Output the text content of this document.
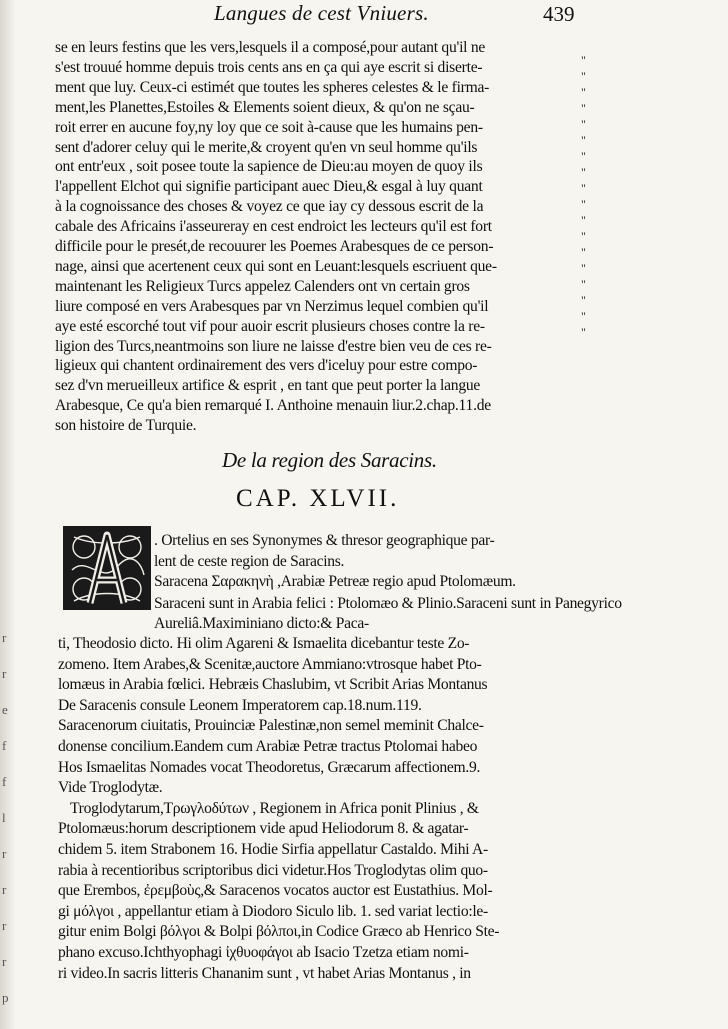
r
r
e
f
f
l
r
r
r
r
p
Langues de cest Vniuers.	439
se en leurs festins que les vers,lesquels il a composé,pour autant qu'il ne
s'est trouué homme depuis trois cents ans en ça qui aye escrit si diserte-
ment que luy. Ceux-ci estimét que toutes les spheres celestes & le firma-
ment,les Planettes,Estoiles & Elements soient dieux, & qu'on ne sçau-
roit errer en aucune foy,ny loy que ce soit à-cause que les humains pen-
sent d'adorer celuy qui le merite,& croyent qu'en vn seul homme qu'ils
ont entr'eux , soit posee toute la sapience de Dieu:au moyen de quoy ils
l'appellent Elchot qui signifie participant auec Dieu,& esgal à luy quant
à la cognoissance des choses & voyez ce que iay cy dessous escrit de la
cabale des Africains i'asseureray en cest endroict les lecteurs qu'il est fort
difficile pour le presét,de recouurer les Poemes Arabesques de ce person-
nage, ainsi que acertenent ceux qui sont en Leuant:lesquels escriuent que-
maintenant les Religieux Turcs appelez Calenders ont vn certain gros
liure composé en vers Arabesques par vn Nerzimus lequel combien qu'il
aye esté escorché tout vif pour auoir escrit plusieurs choses contre la re-
ligion des Turcs,neantmoins son liure ne laisse d'estre bien veu de ces re-
ligieux qui chantent ordinairement des vers d'iceluy pour estre compo-
sez d'vn merueilleux artifice & esprit , en tant que peut porter la langue
Arabesque, Ce qu'a bien remarqué I. Anthoine menauin liur.2.chap.11.de
son histoire de Turquie.
"
"
"
"
"
"
"
"
"
"
"
"
"
"
"
"
"
"
De la region des Saracins.
CAP. XLVII.
. Ortelius en ses Synonymes & thresor geographique par-
lent de ceste region de Saracins.
Saracena Σαρακηνὴ ,Arabiæ Petreæ regio apud Ptolomæum.
Saraceni sunt in Arabia felici : Ptolomæo & Plinio.Saraceni sunt in Panegyrico Aureliâ.Maximiniano dicto:& Paca-
ti, Theodosio dicto. Hi olim Agareni & Ismaelita dicebantur teste Zo-
zomeno. Item Arabes,& Scenitæ,auctore Ammiano:vtrosque habet Pto-
lomæus in Arabia fœlici. Hebræis Chaslubim, vt Scribit Arias Montanus
De Saracenis consule Leonem Imperatorem cap.18.num.119.
Saracenorum ciuitatis, Prouinciæ Palestinæ,non semel meminit Chalce-
donense concilium.Eandem cum Arabiæ Petræ tractus Ptolomai habeo
Hos Ismaelitas Nomades vocat Theodoretus, Græcarum affectionem.9.
Vide Troglodytæ.
Troglodytarum,Τρωγλοδύτων , Regionem in Africa ponit Plinius , &
Ptolomæus:horum descriptionem vide apud Heliodorum 8. & agatar-
chidem 5. item Strabonem 16. Hodie Sirfia appellatur Castaldo. Mihi A-
rabia à recentioribus scriptoribus dici videtur.Hos Troglodytas olim quo-
que Erembos, ἐρεμβοὺς,& Saracenos vocatos auctor est Eustathius. Mol-
gi μόλγοι , appellantur etiam à Diodoro Siculo lib. 1. sed variat lectio:le-
gitur enim Bolgi βόλγοι & Bolpi βόλποι,in Codice Græco ab Henrico Ste-
phano excuso.Ichthyophagi ἰχθυοφάγοι ab Isacio Tzetza etiam nomi-
ri video.In sacris litteris Chananim sunt , vt habet Arias Montanus , in
